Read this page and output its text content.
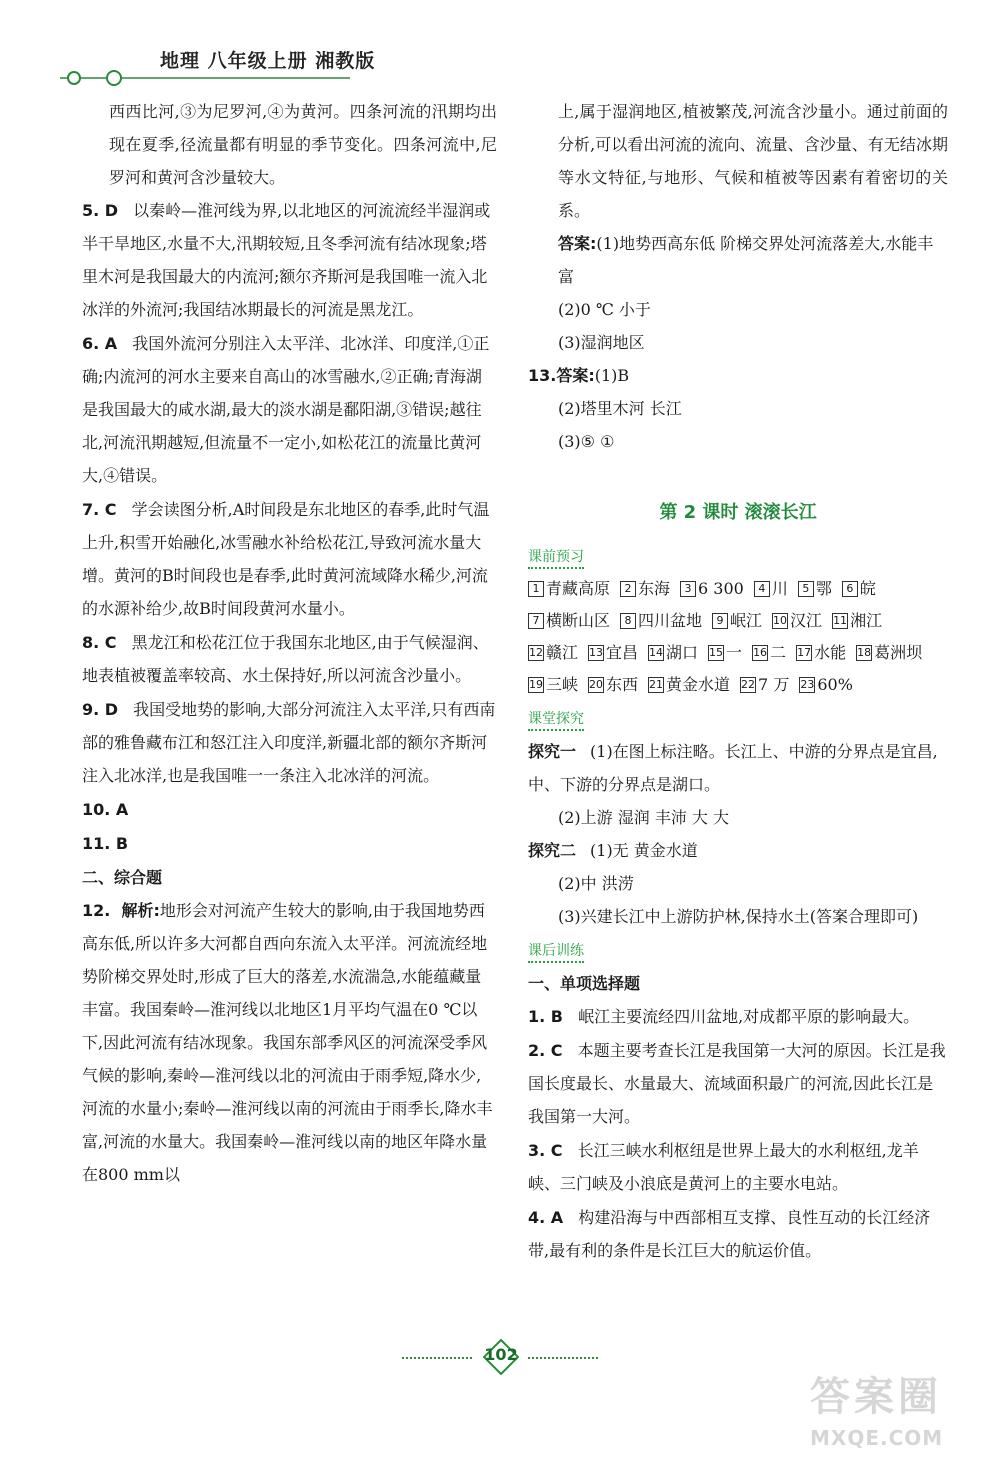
地理 八年级上册 湘教版

西西比河,③为尼罗河,④为黄河。四条河流的汛期均出现在夏季,径流量都有明显的季节变化。四条河流中,尼罗河和黄河含沙量较大。

5. D 以秦岭—淮河线为界,以北地区的河流流经半湿润或半干旱地区,水量不大,汛期较短,且冬季河流有结冰现象;塔里木河是我国最大的内流河;额尔齐斯河是我国唯一流入北冰洋的外流河;我国结冰期最长的河流是黑龙江。
6. A 我国外流河分别注入太平洋、北冰洋、印度洋,①正确;内流河的河水主要来自高山的冰雪融水,②正确;青海湖是我国最大的咸水湖,最大的淡水湖是鄱阳湖,③错误;越往北,河流汛期越短,但流量不一定小,如松花江的流量比黄河大,④错误。
7. C 学会读图分析,A时间段是东北地区的春季,此时气温上升,积雪开始融化,冰雪融水补给松花江,导致河流水量大增。黄河的B时间段也是春季,此时黄河流域降水稀少,河流的水源补给少,故B时间段黄河水量小。
8. C 黑龙江和松花江位于我国东北地区,由于气候湿润、地表植被覆盖率较高、水土保持好,所以河流含沙量小。
9. D 我国受地势的影响,大部分河流注入太平洋,只有西南部的雅鲁藏布江和怒江注入印度洋,新疆北部的额尔齐斯河注入北冰洋,也是我国唯一一条注入北冰洋的河流。
10. A
11. B

二、综合题

12. 解析:地形会对河流产生较大的影响,由于我国地势西高东低,所以许多大河都自西向东流入太平洋。河流流经地势阶梯交界处时,形成了巨大的落差,水流湍急,水能蕴藏量丰富。我国秦岭—淮河线以北地区1月平均气温在0 ℃以下,因此河流有结冰现象。我国东部季风区的河流深受季风气候的影响,秦岭—淮河线以北的河流由于雨季短,降水少,河流的水量小;秦岭—淮河线以南的河流由于雨季长,降水丰富,河流的水量大。我国秦岭—淮河线以南的地区年降水量在800 mm以

上,属于湿润地区,植被繁茂,河流含沙量小。通过前面的分析,可以看出河流的流向、流量、含沙量、有无结冰期等水文特征,与地形、气候和植被等因素有着密切的关系。

答案:(1)地势西高东低 阶梯交界处河流落差大,水能丰富
(2)0 ℃ 小于
(3)湿润地区
13.答案:(1)B
(2)塔里木河 长江
(3)⑤ ①
第 2 课时 滚滚长江
课前预习
1 青藏高原 2 东海 3 6 300 4 川 5 鄂 6 皖7 横断山区 8 四川盆地 9 岷江 10 汉江 11 湘江12 赣江 13 宜昌 14 湖口 15 一 16 二 17 水能 18 葛洲坝19 三峡 20 东西 21 黄金水道 22 7 万 23 60%
课堂探究
探究一 (1)在图上标注略。长江上、中游的分界点是宜昌,中、下游的分界点是湖口。
(2)上游 湿润 丰沛 大 大
探究二 (1)无 黄金水道
(2)中 洪涝
(3)兴建长江中上游防护林,保持水土(答案合理即可)
课后训练

一、单项选择题

1. B 岷江主要流经四川盆地,对成都平原的影响最大。
2. C 本题主要考查长江是我国第一大河的原因。长江是我国长度最长、水量最大、流域面积最广的河流,因此长江是我国第一大河。
3. C 长江三峡水利枢纽是世界上最大的水利枢纽,龙羊峡、三门峡及小浪底是黄河上的主要水电站。
4. A 构建沿海与中西部相互支撑、良性互动的长江经济带,最有利的条件是长江巨大的航运价值。
102
答案圈
MXQE.COM
